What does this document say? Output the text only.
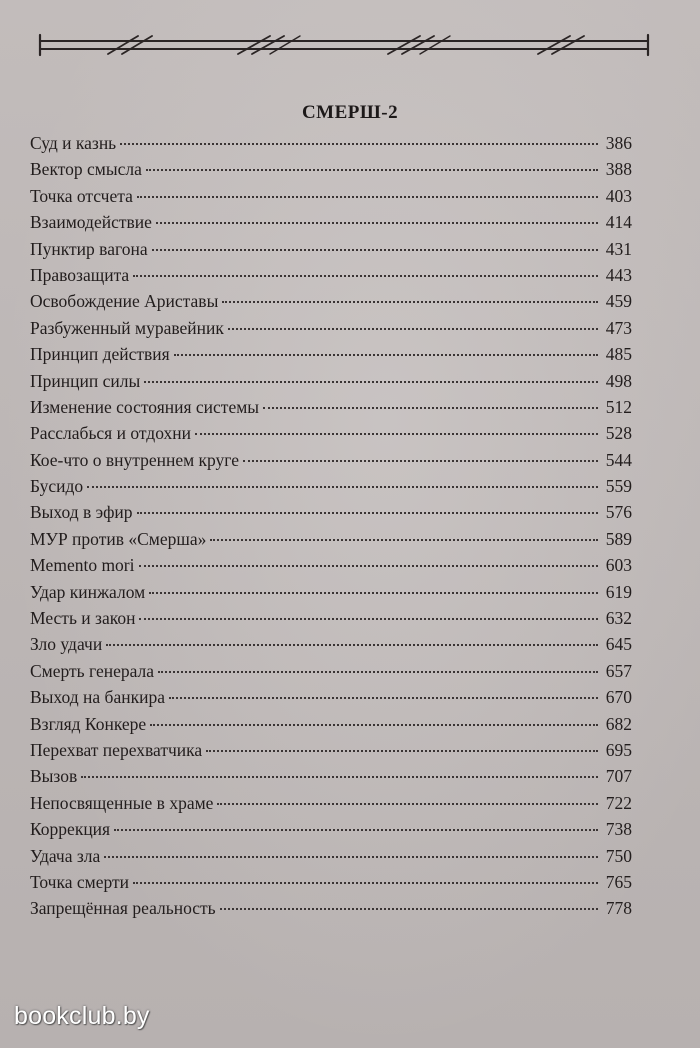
СМЕРШ-2
Суд и казнь	386
Вектор смысла	388
Точка отсчета	403
Взаимодействие	414
Пунктир вагона	431
Правозащита	443
Освобождение Ариставы	459
Разбуженный муравейник	473
Принцип действия	485
Принцип силы	498
Изменение состояния системы	512
Расслабься и отдохни	528
Кое-что о внутреннем круге	544
Бусидо	559
Выход в эфир	576
МУР против «Смерша»	589
Memento mori	603
Удар кинжалом	619
Месть и закон	632
Зло удачи	645
Смерть генерала	657
Выход на банкира	670
Взгляд Конкере	682
Перехват перехватчика	695
Вызов	707
Непосвященные в храме	722
Коррекция	738
Удача зла	750
Точка смерти	765
Запрещённая реальность	778
bookclub.by
